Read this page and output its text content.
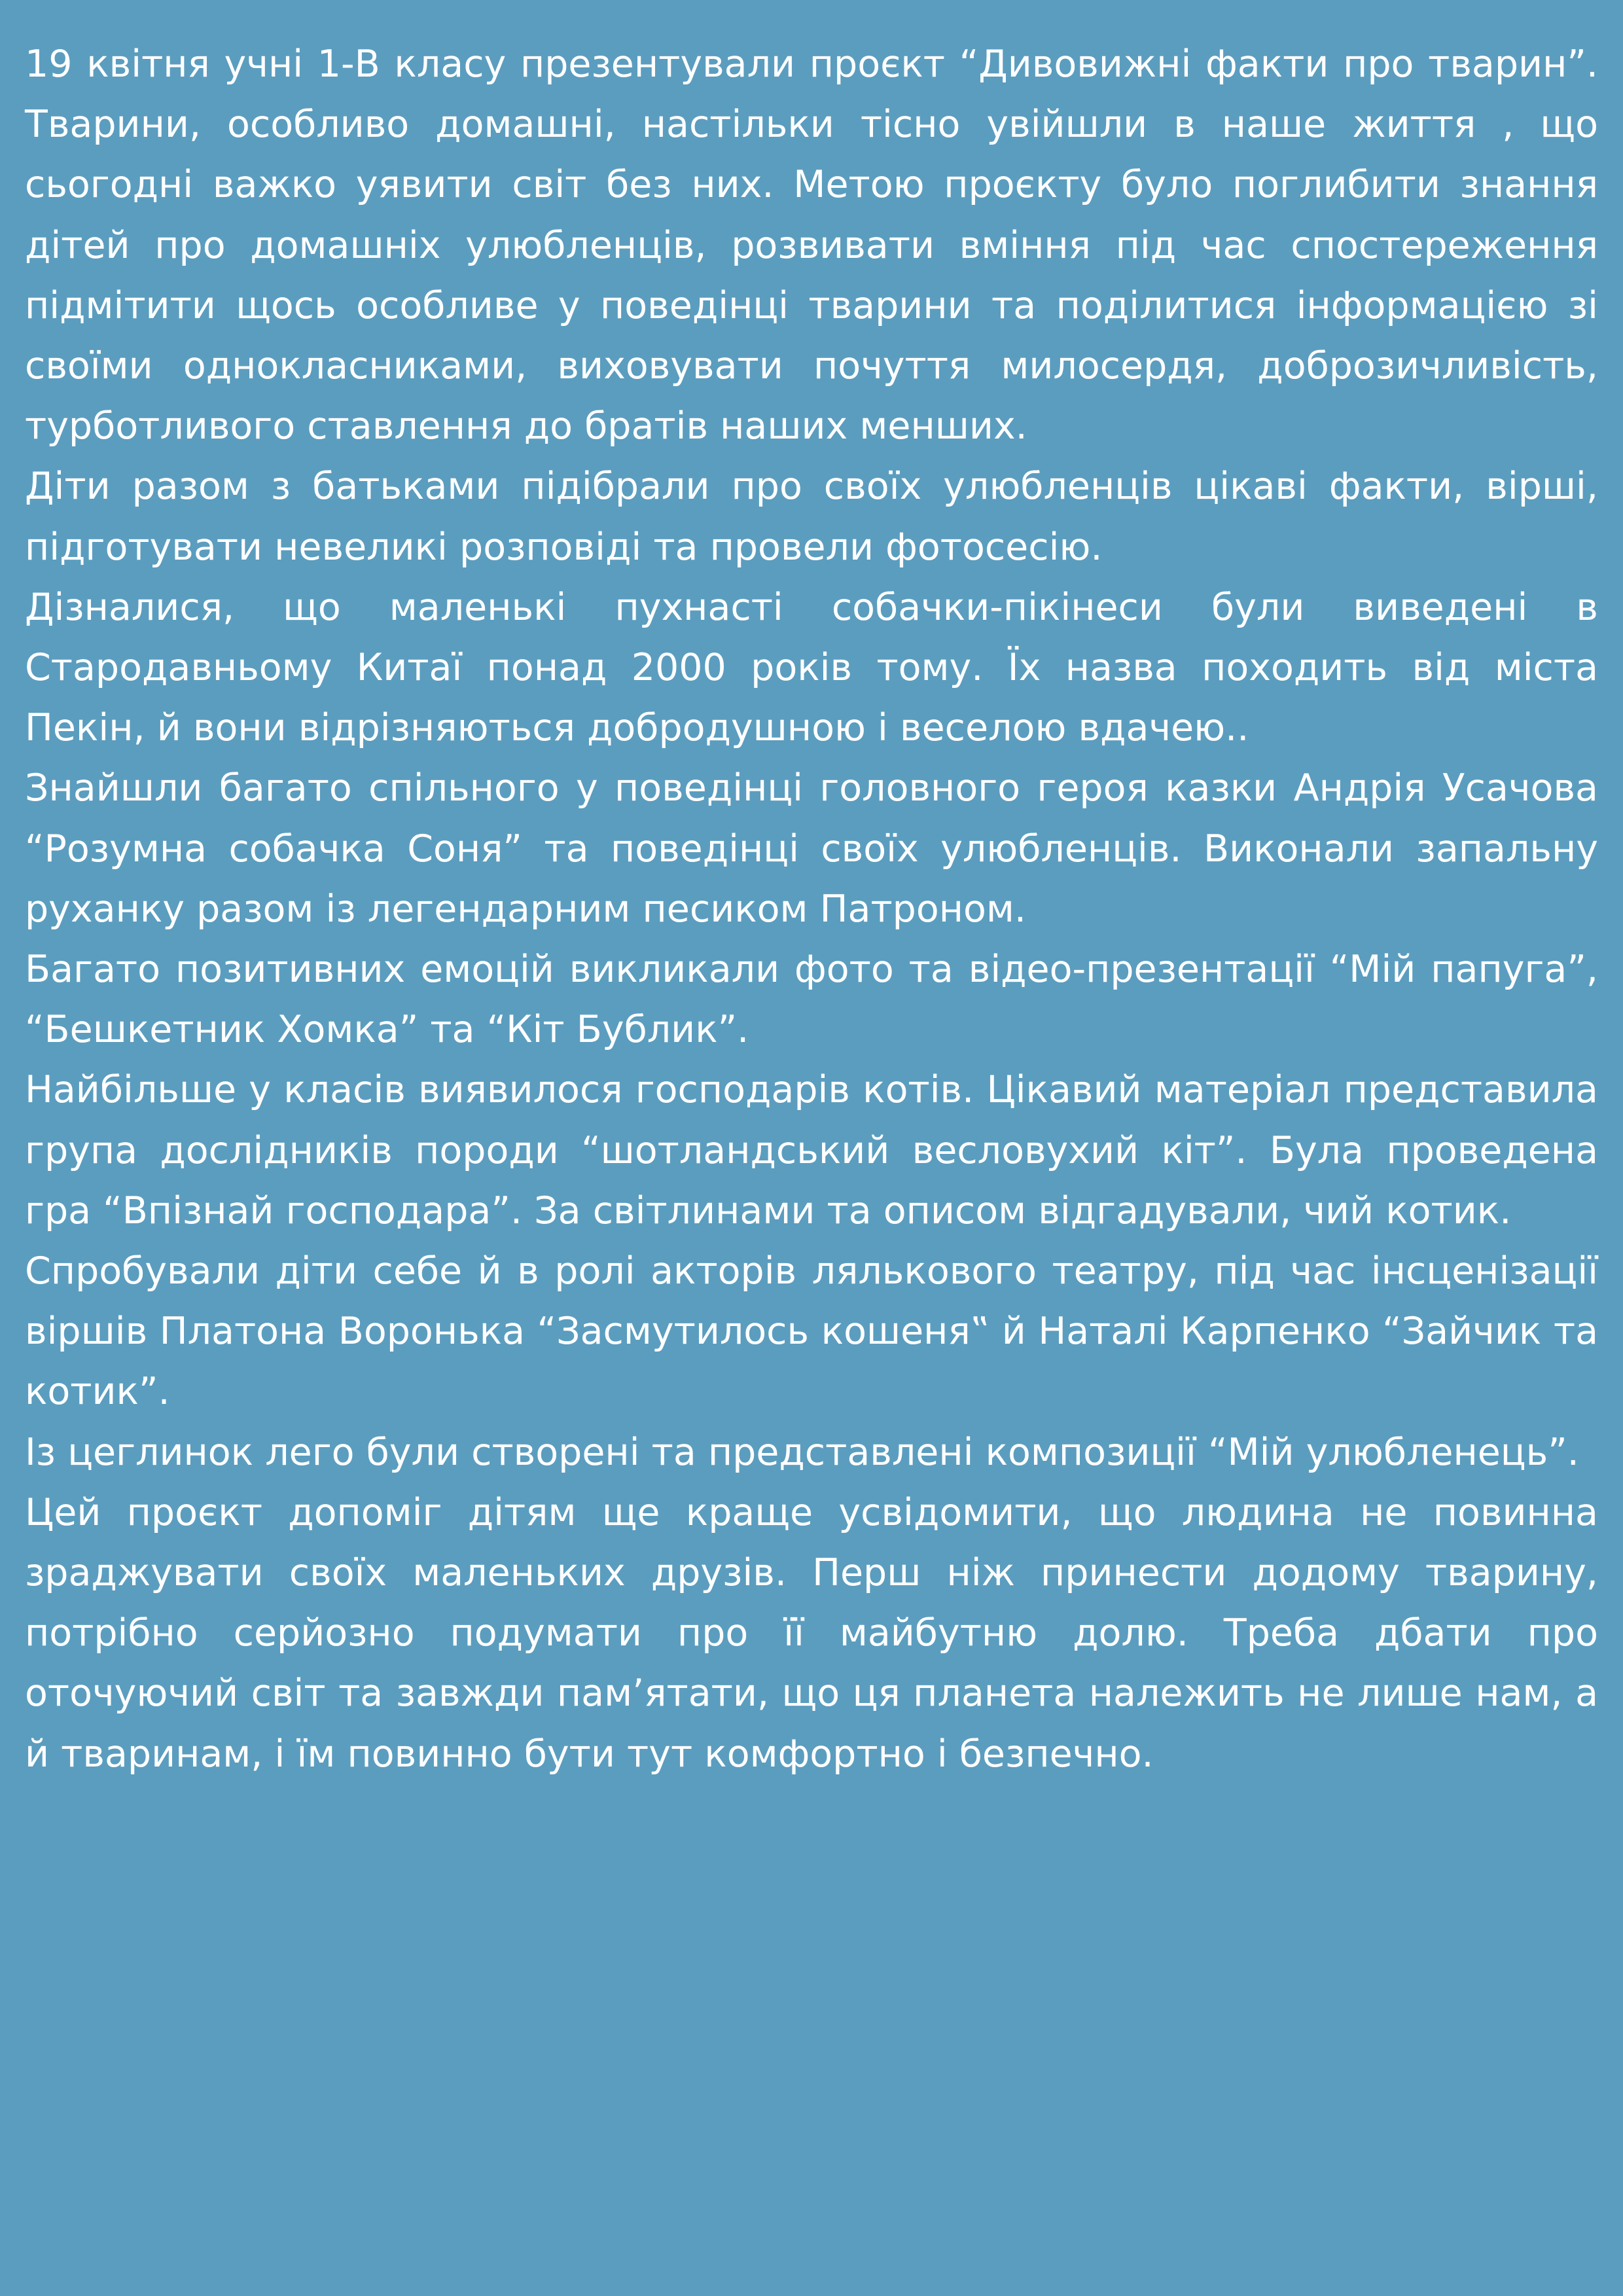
19 квітня учні 1-В класу презентували проєкт “Дивовижні факти про тварин”. Тварини, особливо домашні, настільки тісно увійшли в наше життя , що сьогодні важко уявити світ без них. Метою проєкту було поглибити знання дітей про домашніх улюбленців, розвивати вміння під час спостереження підмітити щось особливе у поведінці тварини та поділитися інформацією зі своїми однокласниками, виховувати почуття милосердя, доброзичливість, турботливого ставлення до братів наших менших.

Діти разом з батьками підібрали про своїх улюбленців цікаві факти, вірші, підготувати невеликі розповіді та провели фотосесію.

Дізналися, що маленькі пухнасті собачки-пікінеси були виведені в Стародавньому Китаї понад 2000 років тому. Їх назва походить від міста Пекін, й вони відрізняються добродушною і веселою вдачею..

Знайшли багато спільного у поведінці головного героя казки Андрія Усачова “Розумна собачка Соня” та поведінці своїх улюбленців. Виконали запальну руханку разом із легендарним песиком Патроном.

Багато позитивних емоцій викликали фото та відео-презентації “Мій папуга”, “Бешкетник Хомка” та “Кіт Бублик”.

Найбільше у класів виявилося господарів котів. Цікавий матеріал представила група дослідників породи “шотландський весловухий кіт”. Була проведена гра “Впізнай господара”. За світлинами та описом відгадували, чий котик.

Спробували діти себе й в ролі акторів лялькового театру, під час інсценізації віршів Платона Воронька “Засмутилось кошеня‟ й Наталі Карпенко “Зайчик та котик”.

Із цеглинок лего були створені та представлені композиції “Мій улюбленець”.

Цей проєкт допоміг дітям ще краще усвідомити, що людина не повинна зраджувати своїх маленьких друзів. Перш ніж принести додому тварину, потрібно серйозно подумати про її майбутню долю. Треба дбати про оточуючий світ та завжди пам’ятати, що ця планета належить не лише нам, а й тваринам, і їм повинно бути тут комфортно і безпечно.
